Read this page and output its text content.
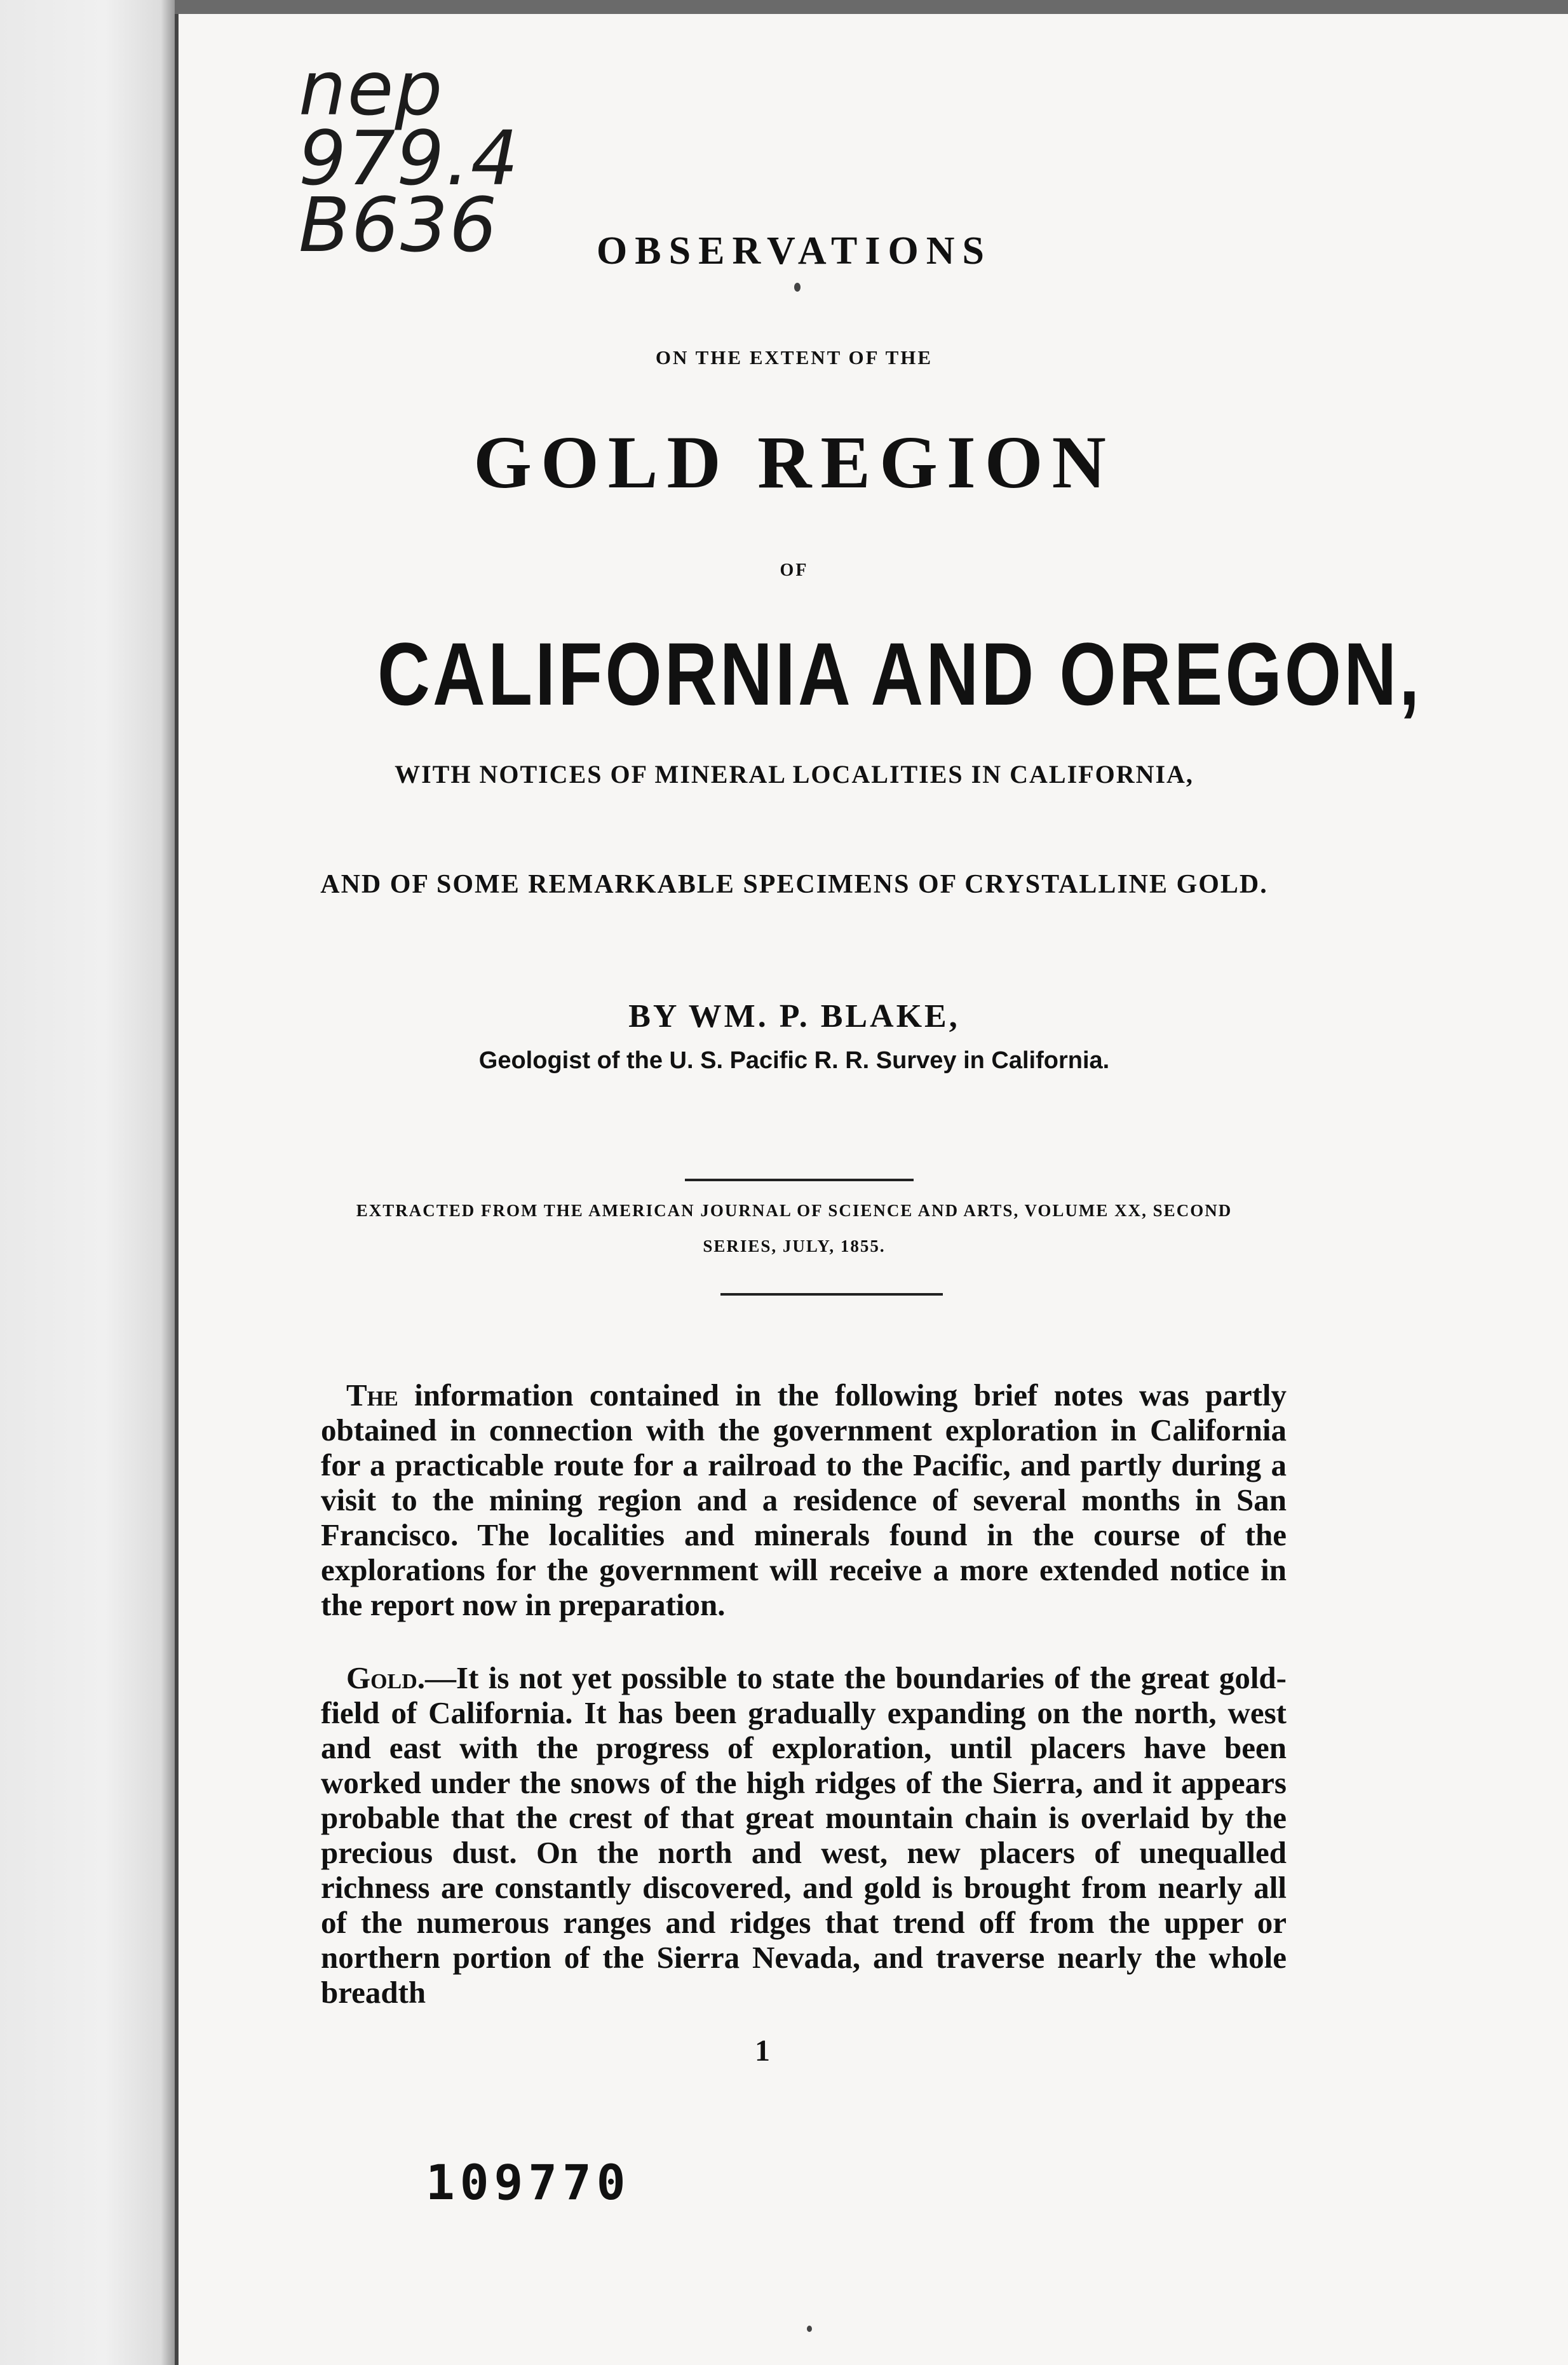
nep
979.4
B636	OBSERVATIONS
ON THE EXTENT OF THE
GOLD REGION
OF
CALIFORNIA AND OREGON,
WITH NOTICES OF MINERAL LOCALITIES IN CALIFORNIA,
AND OF SOME REMARKABLE SPECIMENS OF CRYSTALLINE GOLD.
BY WM. P. BLAKE,
Geologist of the U. S. Pacific R. R. Survey in California.
EXTRACTED FROM THE AMERICAN JOURNAL OF SCIENCE AND ARTS, VOLUME XX, SECOND
SERIES, JULY, 1855.
The information contained in the following brief notes was partly obtained in connection with the government exploration in California for a practicable route for a railroad to the Pacific, and partly during a visit to the mining region and a residence of several months in San Francisco. The localities and minerals found in the course of the explorations for the government will receive a more extended notice in the report now in preparation.
Gold.—It is not yet possible to state the boundaries of the great gold-field of California. It has been gradually expanding on the north, west and east with the progress of exploration, until placers have been worked under the snows of the high ridges of the Sierra, and it appears probable that the crest of that great mountain chain is overlaid by the precious dust. On the north and west, new placers of unequalled richness are constantly discovered, and gold is brought from nearly all of the numerous ranges and ridges that trend off from the upper or northern portion of the Sierra Nevada, and traverse nearly the whole breadth
1
109770
